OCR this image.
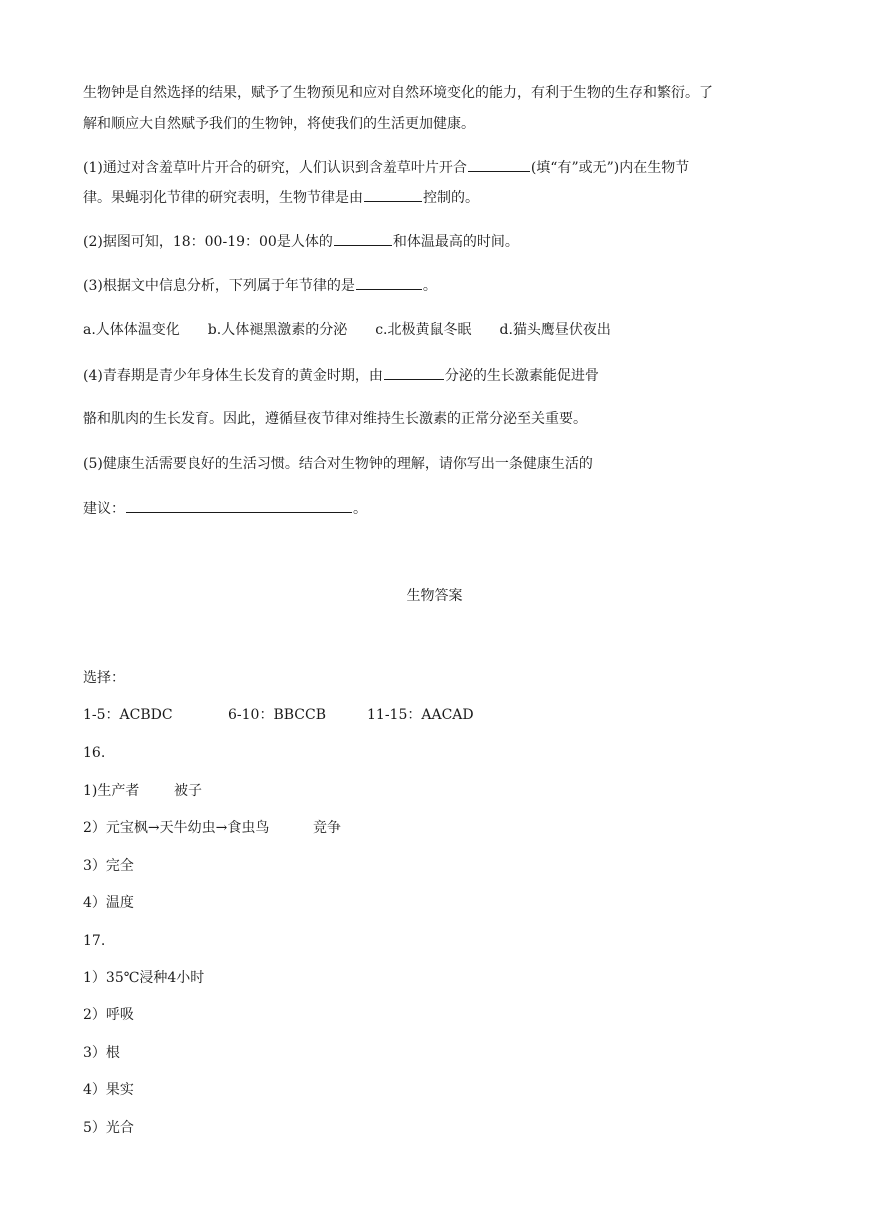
生物钟是自然选择的结果，赋予了生物预见和应对自然环境变化的能力，有利于生物的生存和繁衍。了
解和顺应大自然赋予我们的生物钟，将使我们的生活更加健康。
(1)通过对含羞草叶片开合的研究，人们认识到含羞草叶片开合	(填“有”或无”)内在生物节
律。果蝇羽化节律的研究表明，生物节律是由	控制的。
(2)据图可知，18：00-19：00是人体的	和体温最高的时间。
(3)根据文中信息分析，下列属于年节律的是	。
a.人体体温变化 b.人体褪黑激素的分泌 c.北极黄鼠冬眠 d.猫头鹰昼伏夜出
(4)青春期是青少年身体生长发育的黄金时期，由	分泌的生长激素能促进骨
骼和肌肉的生长发育。因此，遵循昼夜节律对维持生长激素的正常分泌至关重要。
(5)健康生活需要良好的生活习惯。结合对生物钟的理解，请你写出一条健康生活的
建议：	。
生物答案
选择：
1-5：ACBDC	6-10：BBCCB	11-15：AACAD
16.
1)生产者 被子
2）元宝枫→天牛幼虫→食虫鸟	竞争
3）完全
4）温度
17.
1）35℃浸种4小时
2）呼吸
3）根
4）果实
5）光合
